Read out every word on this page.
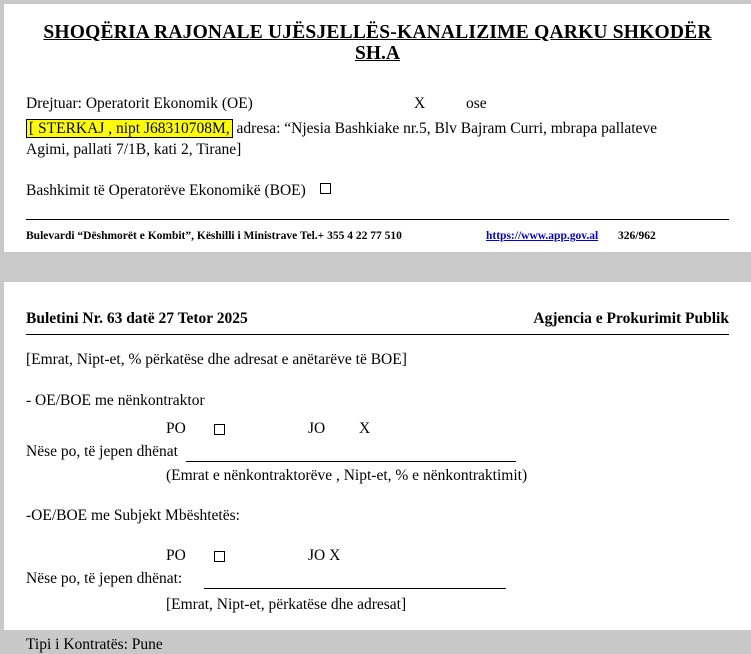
SHOQËRIA RAJONALE UJËSJELLËS-KANALIZIME QARKU SHKODËR
SH.A
Drejtuar: Operatorit Ekonomik (OE)	X	ose
[ STERKAJ , nipt J68310708M, adresa: “Njesia Bashkiake nr.5, Blv Bajram Curri, mbrapa pallateve
Agimi, pallati 7/1B, kati 2, Tirane]
Bashkimit të Operatorëve Ekonomikë (BOE)
Bulevardi “Dëshmorët e Kombit”, Këshilli i Ministrave Tel.+ 355 4 22 77 510	https://www.app.gov.al 326/962
Buletini Nr. 63 datë 27 Tetor 2025	Agjencia e Prokurimit Publik
[Emrat, Nipt-et, % përkatëse dhe adresat e anëtarëve të BOE]
- OE/BOE me nënkontraktor
PO	JO X
Nëse po, të jepen dhënat
(Emrat e nënkontraktorëve , Nipt-et, % e nënkontraktimit)
-OE/BOE me Subjekt Mbështetës:
PO	JO X
Nëse po, të jepen dhënat:
[Emrat, Nipt-et, përkatëse dhe adresat]
Tipi i Kontratës: Pune
